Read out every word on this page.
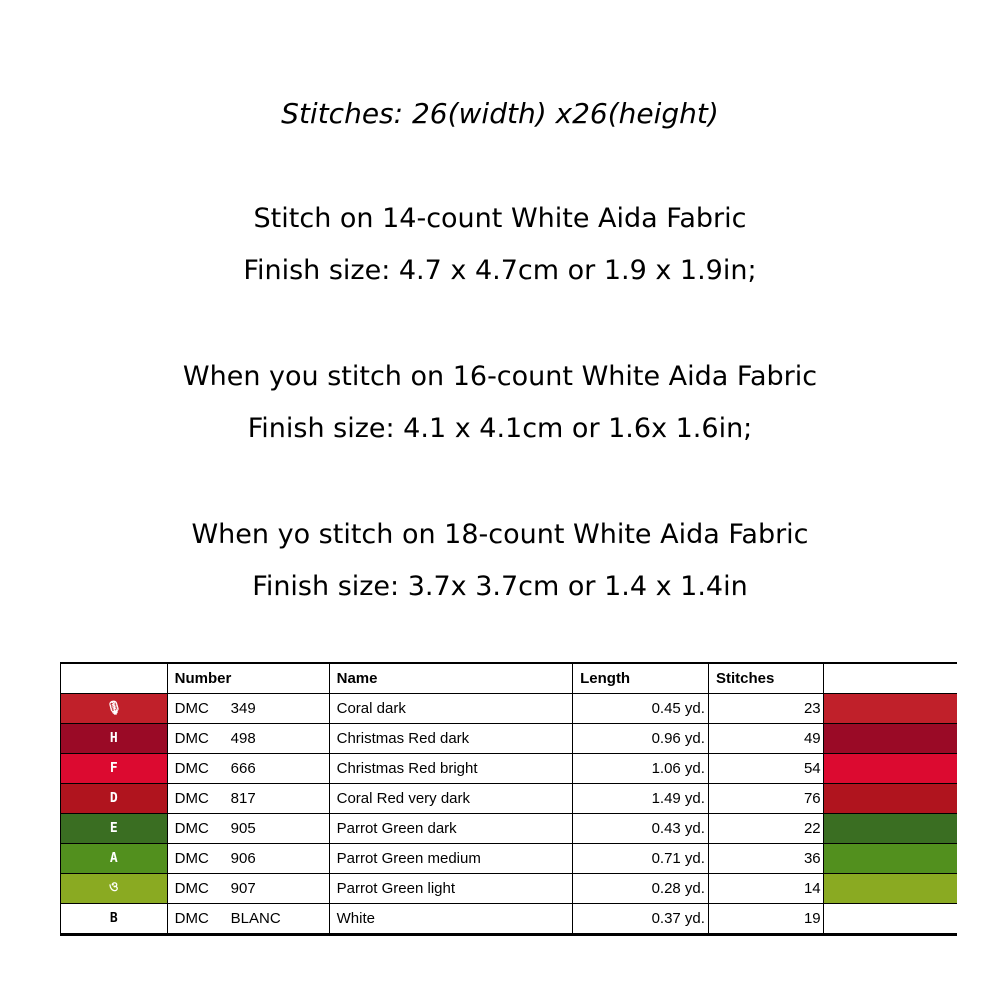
Stitches: 26(width) x26(height)
Stitch on 14-count White Aida Fabric
Finish size: 4.7 x 4.7cm or 1.9 x 1.9in;
When you stitch on 16-count White Aida Fabric
Finish size: 4.1 x 4.1cm or 1.6x 1.6in;
When yo stitch on 18-count White Aida Fabric
Finish size: 3.7x 3.7cm or 1.4 x 1.4in
	Number	Name	Length	Stitches	
🎙	DMC 349	Coral dark	0.45 yd.	23	
H	DMC 498	Christmas Red dark	0.96 yd.	49	
F	DMC 666	Christmas Red bright	1.06 yd.	54	
D	DMC 817	Coral Red very dark	1.49 yd.	76	
E	DMC 905	Parrot Green dark	0.43 yd.	22	
A	DMC 906	Parrot Green medium	0.71 yd.	36	
ও	DMC 907	Parrot Green light	0.28 yd.	14	
B	DMC BLANC	White	0.37 yd.	19	
